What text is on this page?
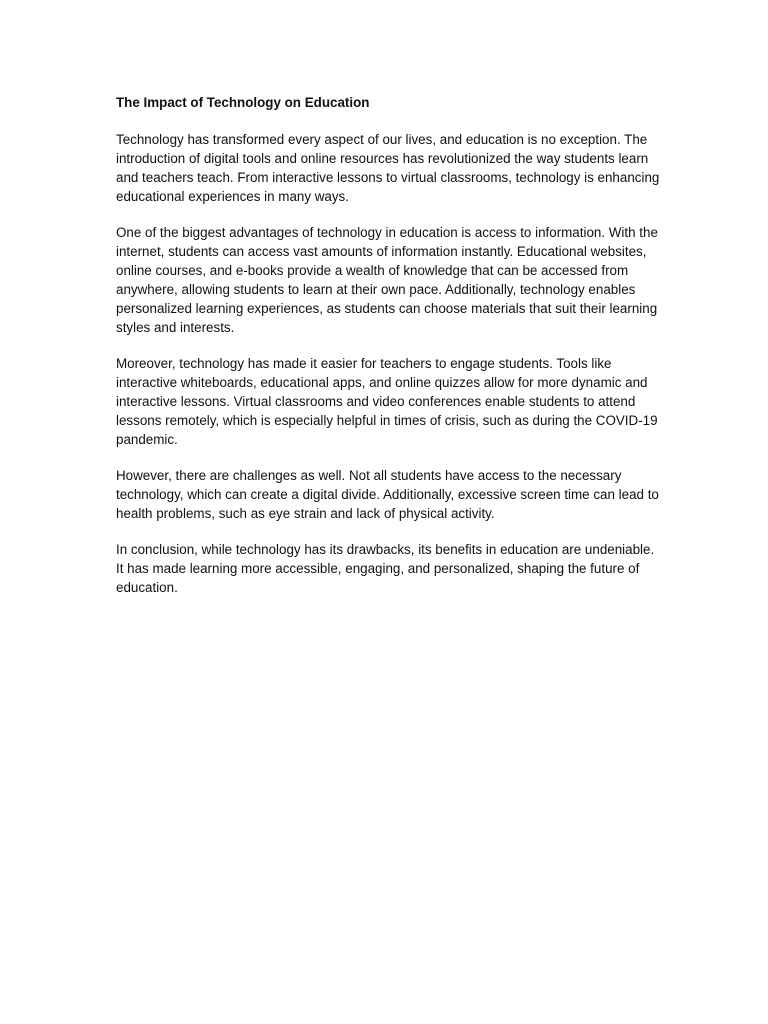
The Impact of Technology on Education

Technology has transformed every aspect of our lives, and education is no exception. The introduction of digital tools and online resources has revolutionized the way students learn and teachers teach. From interactive lessons to virtual classrooms, technology is enhancing educational experiences in many ways.

One of the biggest advantages of technology in education is access to information. With the internet, students can access vast amounts of information instantly. Educational websites, online courses, and e-books provide a wealth of knowledge that can be accessed from anywhere, allowing students to learn at their own pace. Additionally, technology enables personalized learning experiences, as students can choose materials that suit their learning styles and interests.

Moreover, technology has made it easier for teachers to engage students. Tools like interactive whiteboards, educational apps, and online quizzes allow for more dynamic and interactive lessons. Virtual classrooms and video conferences enable students to attend lessons remotely, which is especially helpful in times of crisis, such as during the COVID-19 pandemic.

However, there are challenges as well. Not all students have access to the necessary technology, which can create a digital divide. Additionally, excessive screen time can lead to health problems, such as eye strain and lack of physical activity.

In conclusion, while technology has its drawbacks, its benefits in education are undeniable. It has made learning more accessible, engaging, and personalized, shaping the future of education.
